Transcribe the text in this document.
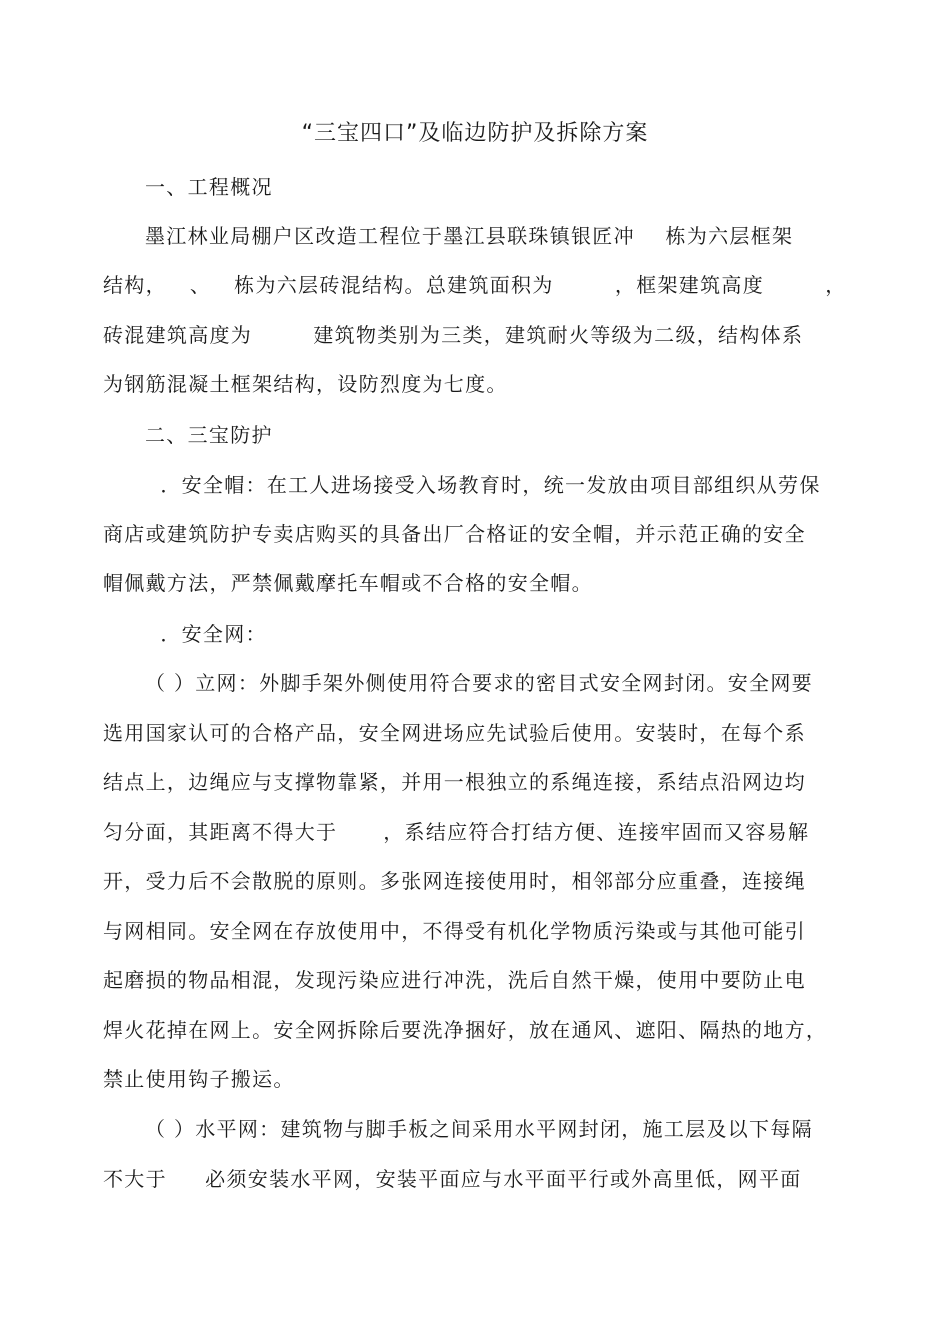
“三宝四口”及临边防护及拆除方案
一、工程概况
墨江林业局棚户区改造工程位于墨江县联珠镇银匠冲    栋为六层框架
结构，   、   栋为六层砖混结构。总建筑面积为        ，框架建筑高度        ，
砖混建筑高度为        建筑物类别为三类，建筑耐火等级为二级，结构体系
为钢筋混凝土框架结构，设防烈度为七度。
二、三宝防护
．安全帽：在工人进场接受入场教育时，统一发放由项目部组织从劳保
商店或建筑防护专卖店购买的具备出厂合格证的安全帽，并示范正确的安全
帽佩戴方法，严禁佩戴摩托车帽或不合格的安全帽。
．安全网：
（ ）立网：外脚手架外侧使用符合要求的密目式安全网封闭。安全网要
选用国家认可的合格产品，安全网进场应先试验后使用。安装时，在每个系
结点上，边绳应与支撑物靠紧，并用一根独立的系绳连接，系结点沿网边均
匀分面，其距离不得大于      ，系结应符合打结方便、连接牢固而又容易解
开，受力后不会散脱的原则。多张网连接使用时，相邻部分应重叠，连接绳
与网相同。安全网在存放使用中，不得受有机化学物质污染或与其他可能引
起磨损的物品相混，发现污染应进行冲洗，洗后自然干燥，使用中要防止电
焊火花掉在网上。安全网拆除后要洗净捆好，放在通风、遮阳、隔热的地方，
禁止使用钩子搬运。
（ ）水平网：建筑物与脚手板之间采用水平网封闭，施工层及以下每隔
不大于     必须安装水平网，安装平面应与水平面平行或外高里低，网平面
